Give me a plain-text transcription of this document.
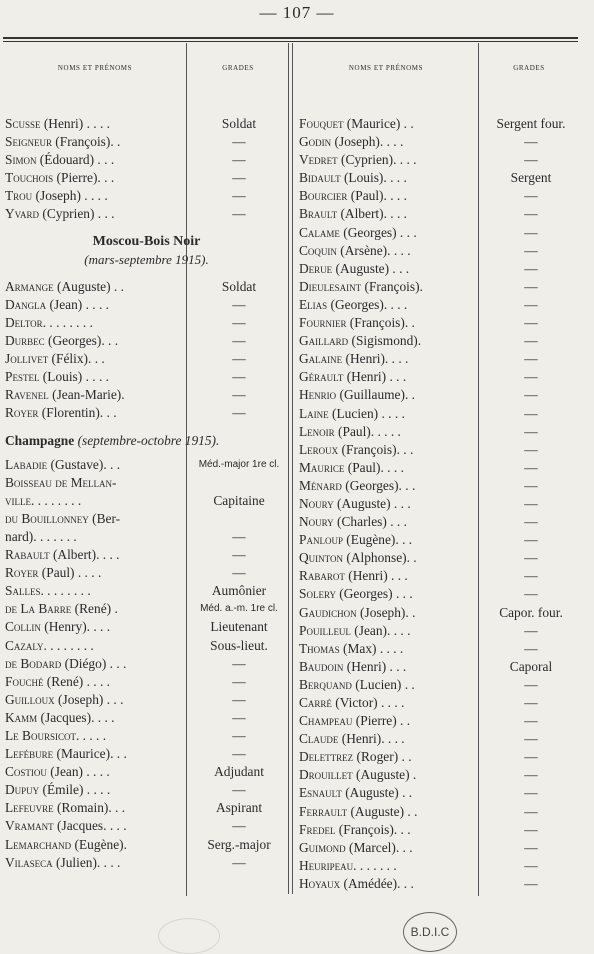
— 107 —
NOMS ET PRÉNOMS	GRADES	NOMS ET PRÉNOMS	GRADES
Scusse (Henri) . . . .	Soldat
Seigneur (François). .	—
Simon (Édouard) . . .	—
Touchois (Pierre). . .	—
Trou (Joseph) . . . .	—
Yvard (Cyprien) . . .	—
Moscou-Bois Noir
(mars-septembre 1915).
Armange (Auguste) . .	Soldat
Dangla (Jean) . . . .	—
Deltor. . . . . . . .	—
Durbec (Georges). . .	—
Jollivet (Félix). . .	—
Pestel (Louis) . . . .	—
Ravenel (Jean-Marie).	—
Royer (Florentin). . .	—
Champagne (septembre-octobre 1915).
Labadie (Gustave). . .	Méd.-major 1re cl.
Boisseau de Mellan-
ville. . . . . . . .	Capitaine
du Bouillonney (Ber-
nard). . . . . . .	—
Rabault (Albert). . . .	—
Royer (Paul) . . . .	—
Salles. . . . . . . .	Aumônier
de La Barre (René) .	Méd. a.-m. 1re cl.
Collin (Henry). . . .	Lieutenant
Cazaly. . . . . . . .	Sous-lieut.
de Bodard (Diégo) . . .	—
Fouché (René) . . . .	—
Guilloux (Joseph) . . .	—
Kamm (Jacques). . . .	—
Le Boursicot. . . . .	—
Lefébure (Maurice). . .	—
Costiou (Jean) . . . .	Adjudant
Dupuy (Émile) . . . .	—
Lefeuvre (Romain). . .	Aspirant
Vramant (Jacques. . . .	—
Lemarchand (Eugène).	Serg.-major
Vilaseca (Julien). . . .	—
Fouquet (Maurice) . .	Sergent four.
Godin (Joseph). . . .	—
Vedret (Cyprien). . . .	—
Bidault (Louis). . . .	Sergent
Bourcier (Paul). . . .	—
Brault (Albert). . . .	—
Calame (Georges) . . .	—
Coquin (Arsène). . . .	—
Derue (Auguste) . . .	—
Dieulesaint (François).	—
Elias (Georges). . . .	—
Fournier (François). .	—
Gaillard (Sigismond).	—
Galaine (Henri). . . .	—
Gérault (Henri) . . .	—
Henrio (Guillaume). .	—
Laine (Lucien) . . . .	—
Lenoir (Paul). . . . .	—
Leroux (François). . .	—
Maurice (Paul). . . .	—
Ménard (Georges). . .	—
Noury (Auguste) . . .	—
Noury (Charles) . . .	—
Panloup (Eugène). . .	—
Quinton (Alphonse). .	—
Rabarot (Henri) . . .	—
Solery (Georges) . . .	—
Gaudichon (Joseph). .	Capor. four.
Pouilleul (Jean). . . .	—
Thomas (Max) . . . .	—
Baudoin (Henri) . . .	Caporal
Berquand (Lucien) . .	—
Carré (Victor) . . . .	—
Champeau (Pierre) . .	—
Claude (Henri). . . .	—
Delettrez (Roger) . .	—
Drouillet (Auguste) .	—
Esnault (Auguste) . .	—
Ferrault (Auguste) . .	—
Fredel (François). . .	—
Guimond (Marcel). . .	—
Heuripeau. . . . . . .	—
Hoyaux (Amédée). . .	—
B.D.I.C
